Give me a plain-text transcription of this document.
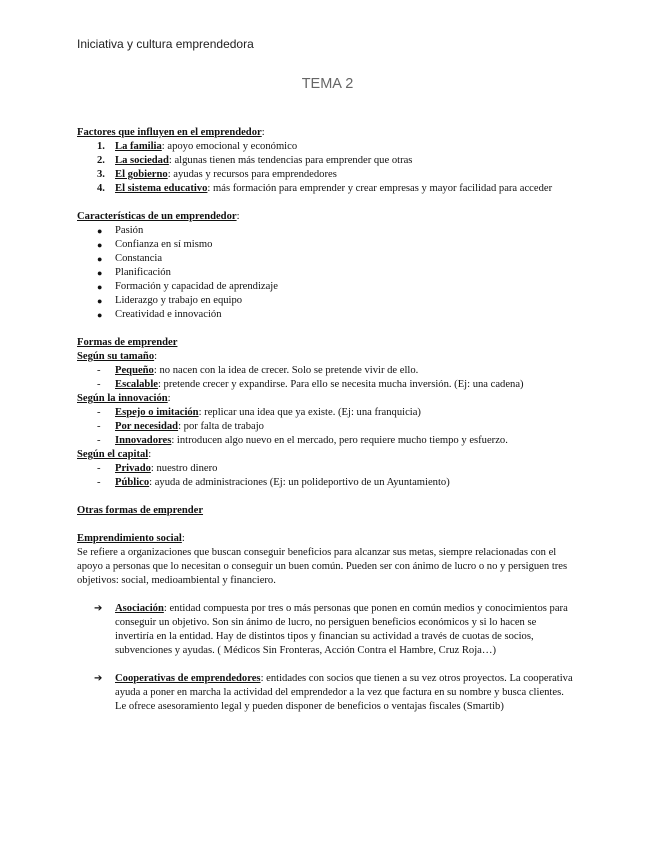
Iniciativa y cultura emprendedora
TEMA 2
Factores que influyen en el emprendedor:
1. La familia: apoyo emocional y económico
2. La sociedad: algunas tienen más tendencias para emprender que otras
3. El gobierno: ayudas y recursos para emprendedores
4. El sistema educativo: más formación para emprender y crear empresas y mayor facilidad para acceder
Características de un emprendedor:
● Pasión
● Confianza en sí mismo
● Constancia
● Planificación
● Formación y capacidad de aprendizaje
● Liderazgo y trabajo en equipo
● Creatividad e innovación
Formas de emprender
Según su tamaño:
- Pequeño: no nacen con la idea de crecer. Solo se pretende vivir de ello.
- Escalable: pretende crecer y expandirse. Para ello se necesita mucha inversión. (Ej: una cadena)
Según la innovación:
- Espejo o imitación: replicar una idea que ya existe. (Ej: una franquicia)
- Por necesidad: por falta de trabajo
- Innovadores: introducen algo nuevo en el mercado, pero requiere mucho tiempo y esfuerzo.
Según el capital:
- Privado: nuestro dinero
- Público: ayuda de administraciones (Ej: un polideportivo de un Ayuntamiento)
Otras formas de emprender
Emprendimiento social:
Se refiere a organizaciones que buscan conseguir beneficios para alcanzar sus metas, siempre relacionadas con el apoyo a personas que lo necesitan o conseguir un buen común. Pueden ser con ánimo de lucro o no y persiguen tres objetivos: social, medioambiental y financiero.
➔ Asociación: entidad compuesta por tres o más personas que ponen en común medios y conocimientos para conseguir un objetivo. Son sin ánimo de lucro, no persiguen beneficios económicos y si lo hacen se invertiría en la entidad. Hay de distintos tipos y financian su actividad a través de cuotas de socios, subvenciones y ayudas. ( Médicos Sin Fronteras, Acción Contra el Hambre, Cruz Roja…)
➔ Cooperativas de emprendedores: entidades con socios que tienen a su vez otros proyectos. La cooperativa ayuda a poner en marcha la actividad del emprendedor a la vez que factura en su nombre y busca clientes. Le ofrece asesoramiento legal y pueden disponer de beneficios o ventajas fiscales (Smartib)
